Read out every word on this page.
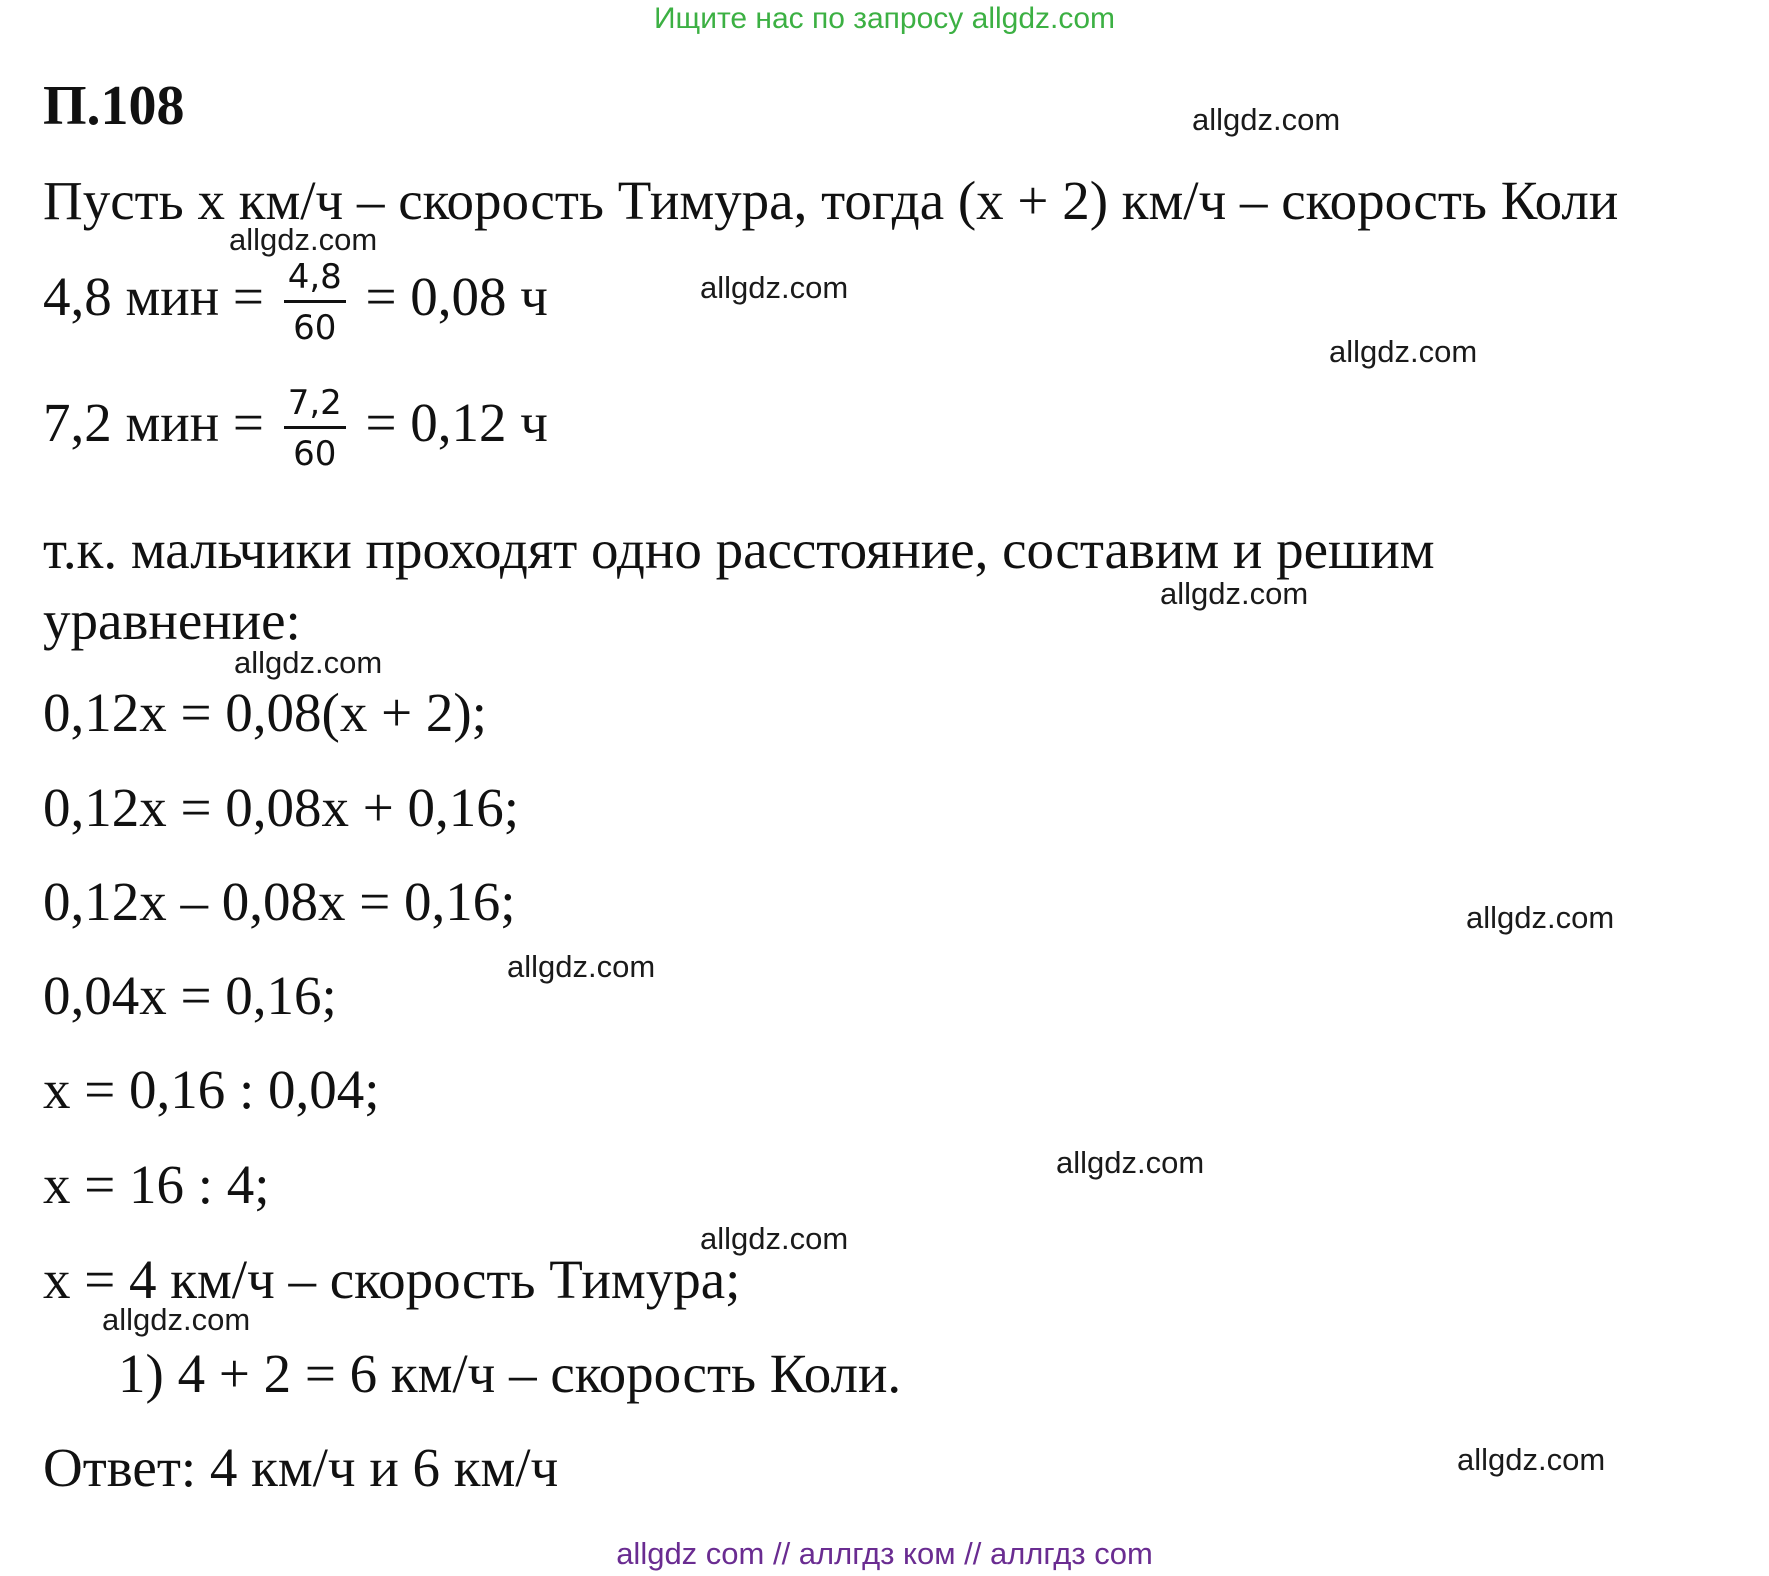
Ищите нас по запросу allgdz.com
П.108
Пусть x км/ч – скорость Тимура, тогда (x + 2) км/ч – скорость Коли
4,8 мин = $\frac{4,8}{60} = 0,08$ ч
7,2 мин = $\frac{7,2}{60} = 0,12$ ч
т.к. мальчики проходят одно расстояние, составим и решим
уравнение:
0,12x = 0,08(x + 2);
0,12x = 0,08x + 0,16;
0,12x – 0,08x = 0,16;
0,04x = 0,16;
x = 0,16 : 0,04;
x = 16 : 4;
x = 4 км/ч – скорость Тимура;
1) 4 + 2 = 6 км/ч – скорость Коли.
Ответ: 4 км/ч и 6 км/ч
allgdz.com
allgdz.com
allgdz.com
allgdz.com
allgdz.com
allgdz.com
allgdz.com
allgdz.com
allgdz.com
allgdz.com
allgdz.com
allgdz.com
allgdz com // аллгдз ком // аллгдз com
